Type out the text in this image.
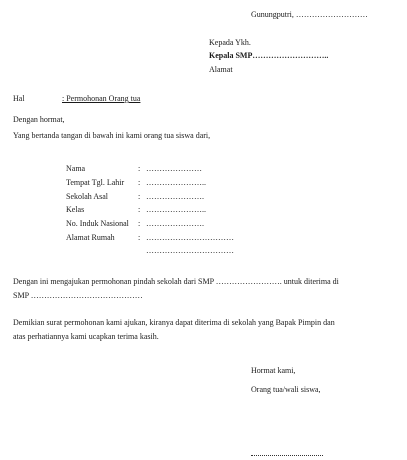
Gunungputri, ………………………
Kepada Ykh.
Kepala SMP………………………..
Alamat
Hal	: Permohonan Orang tua
Dengan hormat,
Yang bertanda tangan di bawah ini kami orang tua siswa dari,
Nama	: …………………
Tempat Tgl. Lahir : …………………..
Sekolah Asal	: ………………….
Kelas	: …………………..
No. Induk Nasional : ………………….
Alamat Rumah	: ……………………………
……………………………
Dengan ini mengajukan permohonan pindah sekolah dari SMP ……………………. untuk diterima di
SMP ……………………………………
Demikian surat permohonan kami ajukan, kiranya dapat diterima di sekolah yang Bapak Pimpin dan
atas perhatiannya kami ucapkan terima kasih.
Hormat kami,
Orang tua/wali siswa,
